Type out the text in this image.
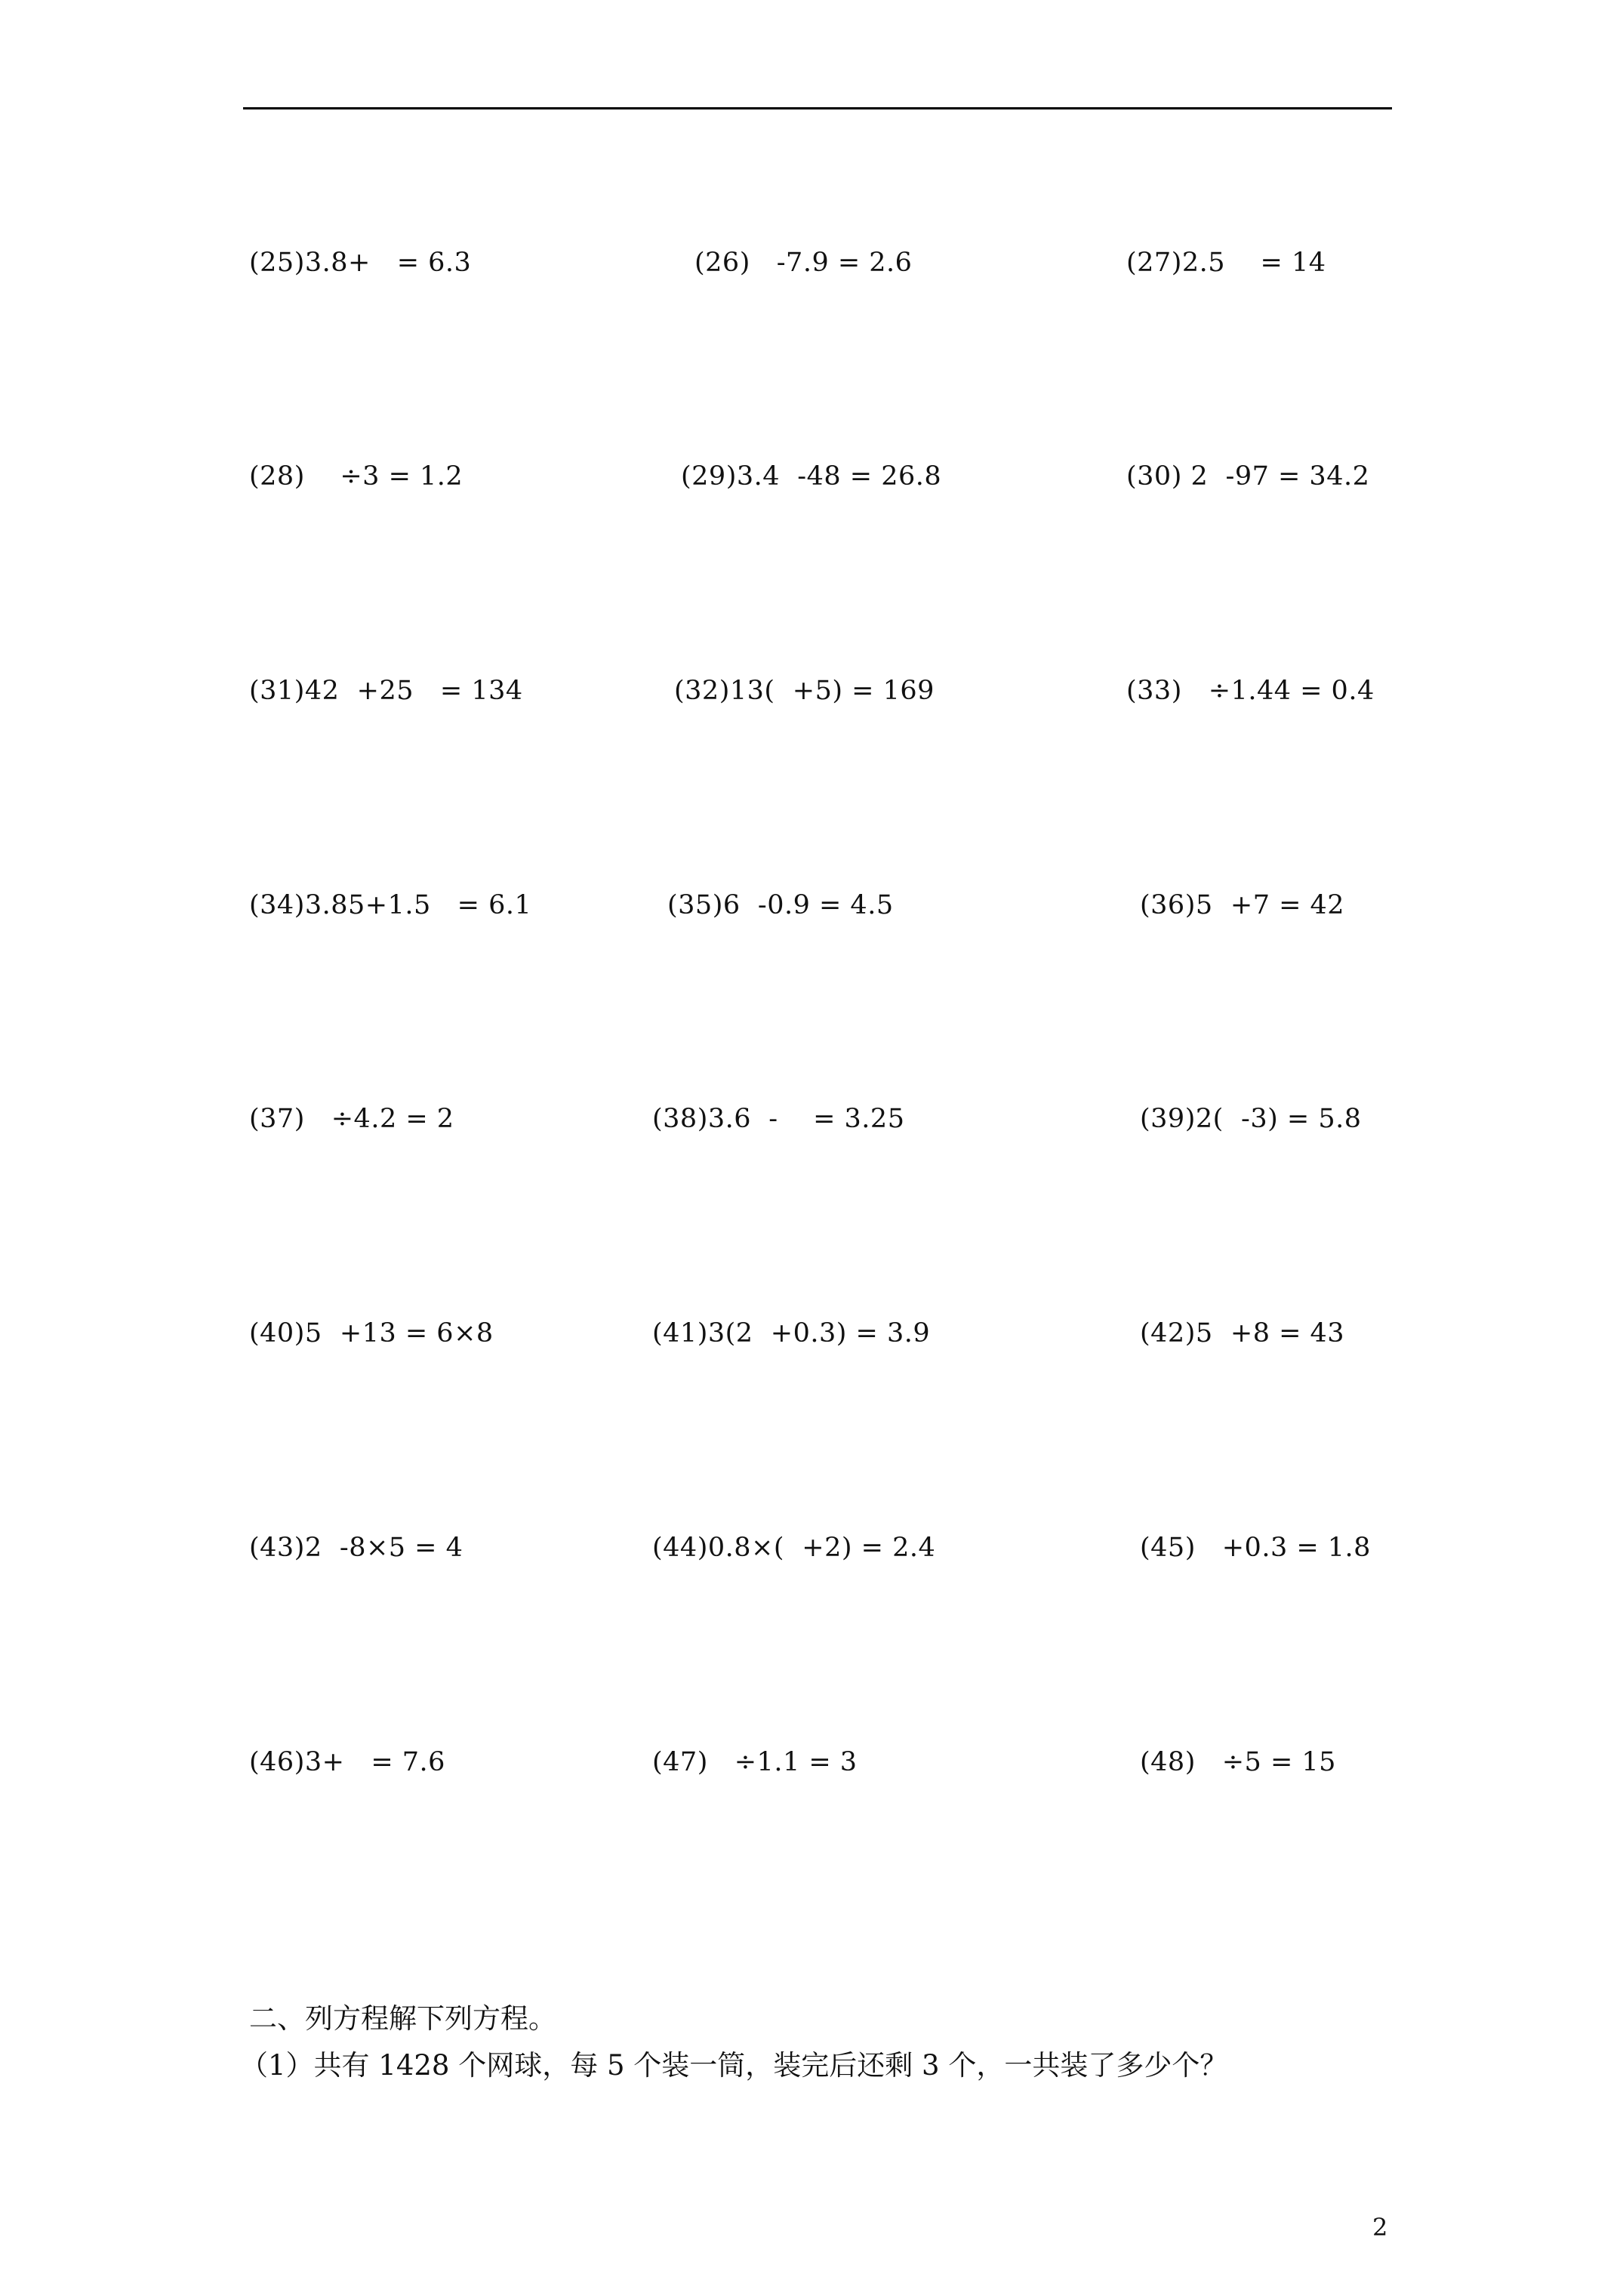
(25)3.8+   = 6.3	(26)   -7.9 = 2.6	(27)2.5    = 14
(28)    ÷3 = 1.2	(29)3.4  -48 = 26.8	(30) 2  -97 = 34.2
(31)42  +25   = 134	(32)13(  +5) = 169	(33)   ÷1.44 = 0.4
(34)3.85+1.5   = 6.1	(35)6  -0.9 = 4.5	(36)5  +7 = 42
(37)   ÷4.2 = 2	(38)3.6  -    = 3.25	(39)2(  -3) = 5.8
(40)5  +13 = 6×8	(41)3(2  +0.3) = 3.9	(42)5  +8 = 43
(43)2  -8×5 = 4	(44)0.8×(  +2) = 2.4	(45)   +0.3 = 1.8
(46)3+   = 7.6	(47)   ÷1.1 = 3	(48)   ÷5 = 15
二、列方程解下列方程。
（1）共有 1428 个网球，每 5 个装一筒，装完后还剩 3 个，一共装了多少个？
2
